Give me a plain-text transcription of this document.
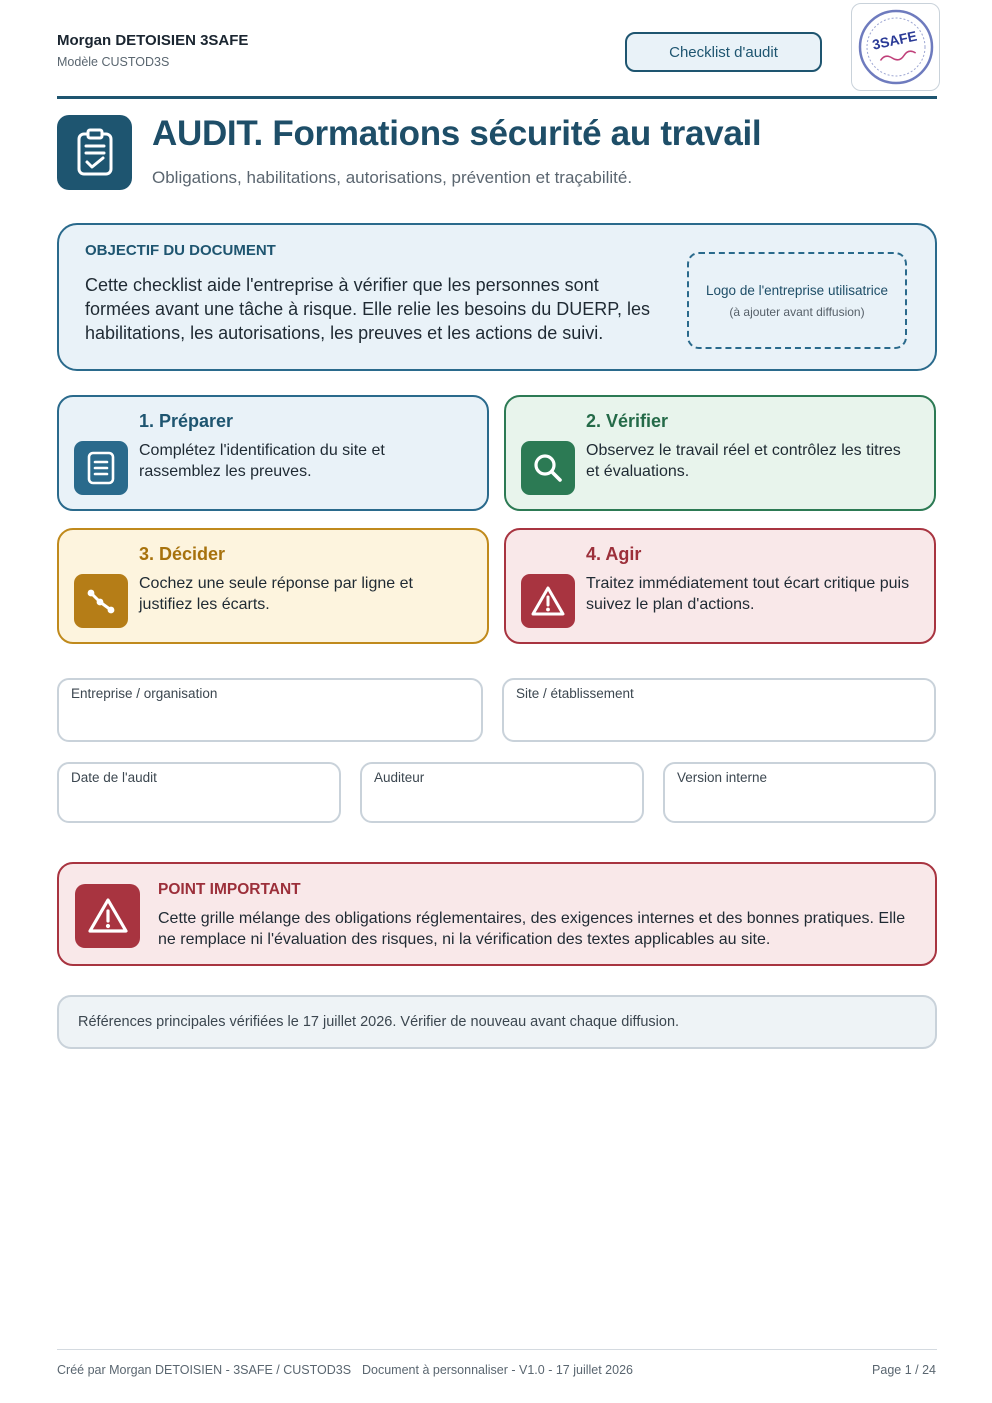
Morgan DETOISIEN 3SAFE
Modèle CUSTOD3S
Checklist d'audit	3SAFE
AUDIT. Formations sécurité au travail
Obligations, habilitations, autorisations, prévention et traçabilité.
OBJECTIF DU DOCUMENT

Cette checklist aide l'entreprise à vérifier que les personnes sont formées avant une tâche à risque. Elle relie les besoins du DUERP, les habilitations, les autorisations, les preuves et les actions de suivi.

Logo de l'entreprise utilisatrice
(à ajouter avant diffusion)
1. Préparer

Complétez l'identification du site et rassemblez les preuves.

2. Vérifier

Observez le travail réel et contrôlez les titres et évaluations.

3. Décider

Cochez une seule réponse par ligne et justifiez les écarts.

4. Agir

Traitez immédiatement tout écart critique puis suivez le plan d'actions.

Entreprise / organisation	Site / établissement
Date de l'audit	Auditeur	Version interne
POINT IMPORTANT

Cette grille mélange des obligations réglementaires, des exigences internes et des bonnes pratiques. Elle ne remplace ni l'évaluation des risques, ni la vérification des textes applicables au site.

Références principales vérifiées le 17 juillet 2026. Vérifier de nouveau avant chaque diffusion.
Créé par Morgan DETOISIEN - 3SAFE / CUSTOD3S Document à personnaliser - V1.0 - 17 juillet 2026	Page 1 / 24
